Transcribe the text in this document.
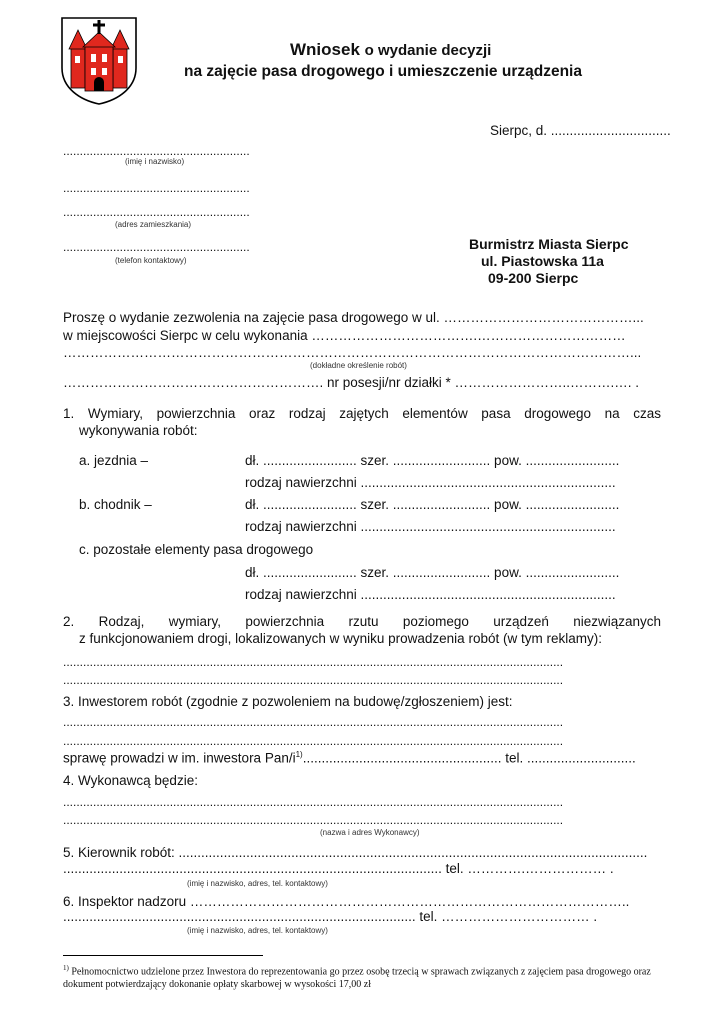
Wniosek o wydanie decyzji
na zajęcie pasa drogowego i umieszczenie urządzenia
Sierpc, d. ................................
........................................................
(imię i nazwisko)
........................................................
........................................................
(adres zamieszkania)
........................................................
(telefon kontaktowy)
Burmistrz Miasta Sierpc
ul. Piastowska 11a
09-200 Sierpc
Proszę o wydanie zezwolenia na zajęcie pasa drogowego w ul. ……………………………………...
w miejscowości Sierpc w celu wykonania ……………………………….……………………………
………………………………………………………………………………………………………………...
(dokładne określenie robót)
…………………………………………………. nr posesji/nr działki * ……………………..……….…. .
1. Wymiary, powierzchnia oraz rodzaj zajętych elementów pasa drogowego na czas
wykonywania robót:
a. jezdnia –	dł. ......................... szer. .......................... pow. .........................
rodzaj nawierzchni ....................................................................
b. chodnik –	dł. ......................... szer. .......................... pow. .........................
rodzaj nawierzchni ....................................................................
c. pozostałe elementy pasa drogowego
dł. ......................... szer. .......................... pow. .........................
rodzaj nawierzchni ....................................................................
2. Rodzaj, wymiary, powierzchnia rzutu poziomego urządzeń niezwiązanych
z funkcjonowaniem drogi, lokalizowanych w wyniku prowadzenia robót (w tym reklamy):
......................................................................................................................................................
......................................................................................................................................................
3. Inwestorem robót (zgodnie z pozwoleniem na budowę/zgłoszeniem) jest:
......................................................................................................................................................
......................................................................................................................................................
sprawę prowadzi w im. inwestora Pan/$i^{1)}$..................................................... tel. .............................
4. Wykonawcą będzie:
......................................................................................................................................................
......................................................................................................................................................
(nazwa i adres Wykonawcy)
5. Kierownik robót: .............................................................................................................................
..................................................................................................... tel. ………….……………… .
(imię i nazwisko, adres, tel. kontaktowy)
6. Inspektor nadzoru ……………………………………………………………………………………..
.............................................................................................. tel. …………………………… .
(imię i nazwisko, adres, tel. kontaktowy)
$^{1)}$ Pełnomocnictwo udzielone przez Inwestora do reprezentowania go przez osobę trzecią w sprawach związanych z zajęciem pasa drogowego oraz dokument potwierdzający dokonanie opłaty skarbowej w wysokości 17,00 zł
